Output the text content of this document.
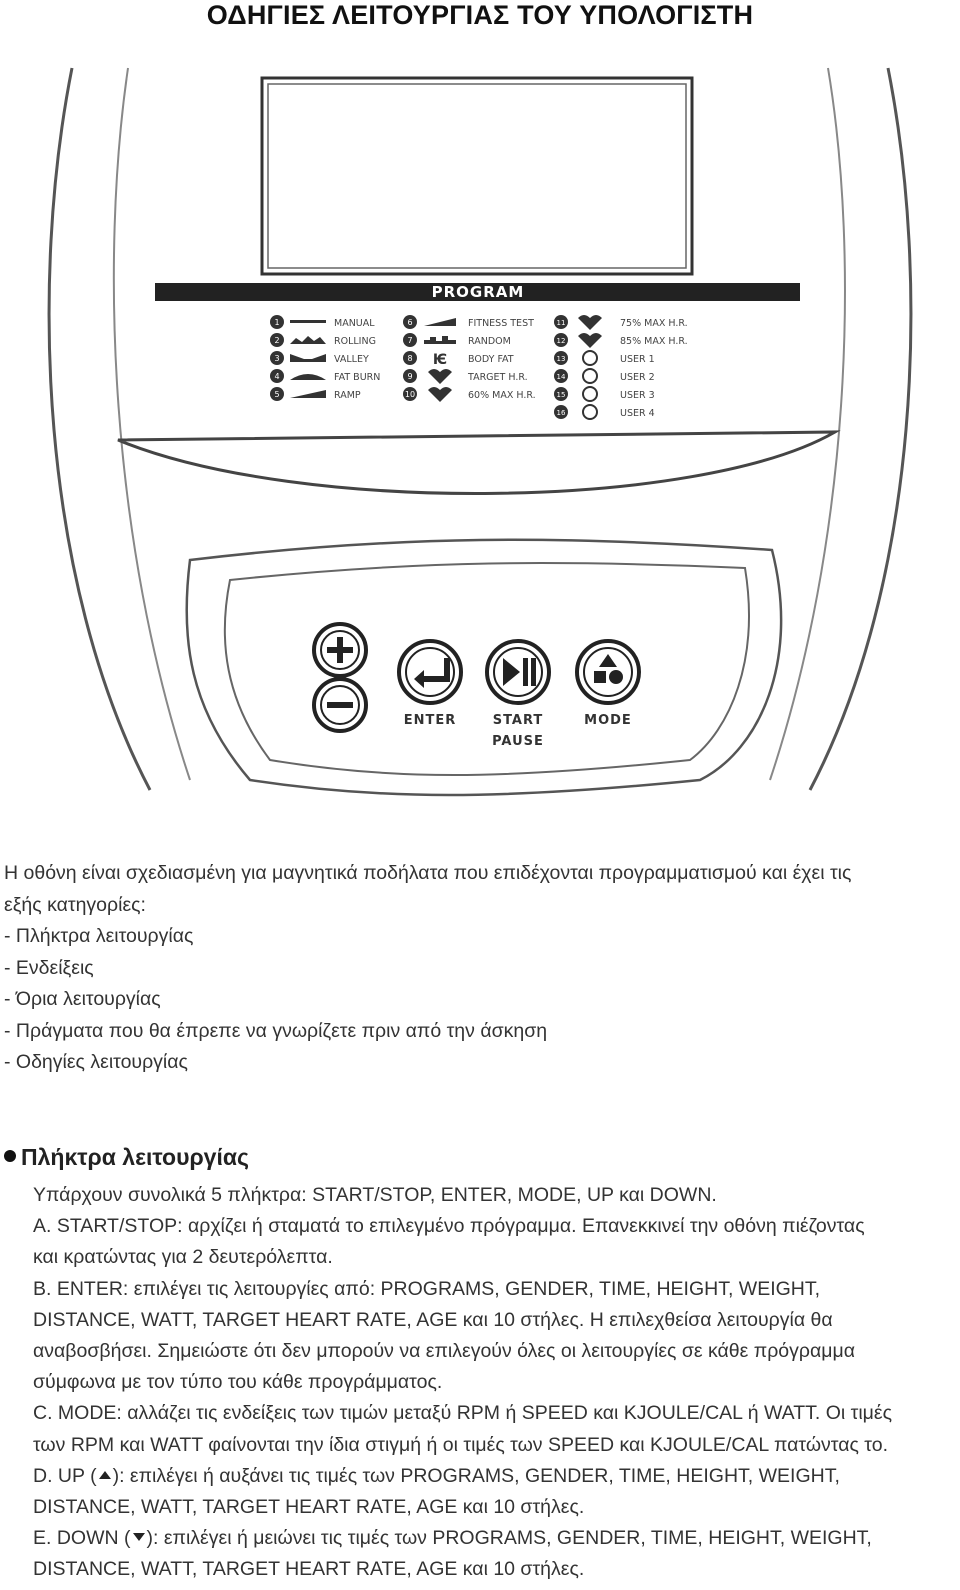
ΟΔΗΓΙΕΣ ΛΕΙΤΟΥΡΓΙΑΣ ΤΟΥ ΥΠΟΛΟΓΙΣΤΗ
PROGRAM
1	MANUAL
2	ROLLING
3	VALLEY
4	FAT BURN
5	RAMP
6	FITNESS TEST
7	RANDOM
8 Ѥ BODY FAT
9	TARGET H.R.
10	60% MAX H.R.
11	75% MAX H.R.
12	85% MAX H.R.
13	USER 1
14	USER 2
15	USER 3
16	USER 4
ENTER	START
PAUSE
MODE
Η οθόνη είναι σχεδιασμένη για μαγνητικά ποδήλατα που επιδέχονται προγραμματισμού και έχει τις
εξής κατηγορίες:
- Πλήκτρα λειτουργίας
- Ενδείξεις
- Όρια λειτουργίας
- Πράγματα που θα έπρεπε να γνωρίζετε πριν από την άσκηση
- Οδηγίες λειτουργίας
Πλήκτρα λειτουργίας
Υπάρχουν συνολικά 5 πλήκτρα: START/STOP, ENTER, MODE, UP και DOWN.
A. START/STOP: αρχίζει ή σταματά το επιλεγμένο πρόγραμμα. Επανεκκινεί την οθόνη πιέζοντας
και κρατώντας για 2 δευτερόλεπτα.
B. ENTER: επιλέγει τις λειτουργίες από: PROGRAMS, GENDER, TIME, HEIGHT, WEIGHT,
DISTANCE, WATT, TARGET HEART RATE, AGE και 10 στήλες. Η επιλεχθείσα λειτουργία θα
αναβοσβήσει. Σημειώστε ότι δεν μπορούν να επιλεγούν όλες οι λειτουργίες σε κάθε πρόγραμμα
σύμφωνα με τον τύπο του κάθε προγράμματος.
C. MODE: αλλάζει τις ενδείξεις των τιμών μεταξύ RPM ή SPEED και KJOULE/CAL ή WATT. Οι τιμές
των RPM και WATT φαίνονται την ίδια στιγμή ή οι τιμές των SPEED και KJOULE/CAL πατώντας το.
D. UP ( ): επιλέγει ή αυξάνει τις τιμές των PROGRAMS, GENDER, TIME, HEIGHT, WEIGHT,
DISTANCE, WATT, TARGET HEART RATE, AGE και 10 στήλες.
E. DOWN ( ): επιλέγει ή μειώνει τις τιμές των PROGRAMS, GENDER, TIME, HEIGHT, WEIGHT,
DISTANCE, WATT, TARGET HEART RATE, AGE και 10 στήλες.
